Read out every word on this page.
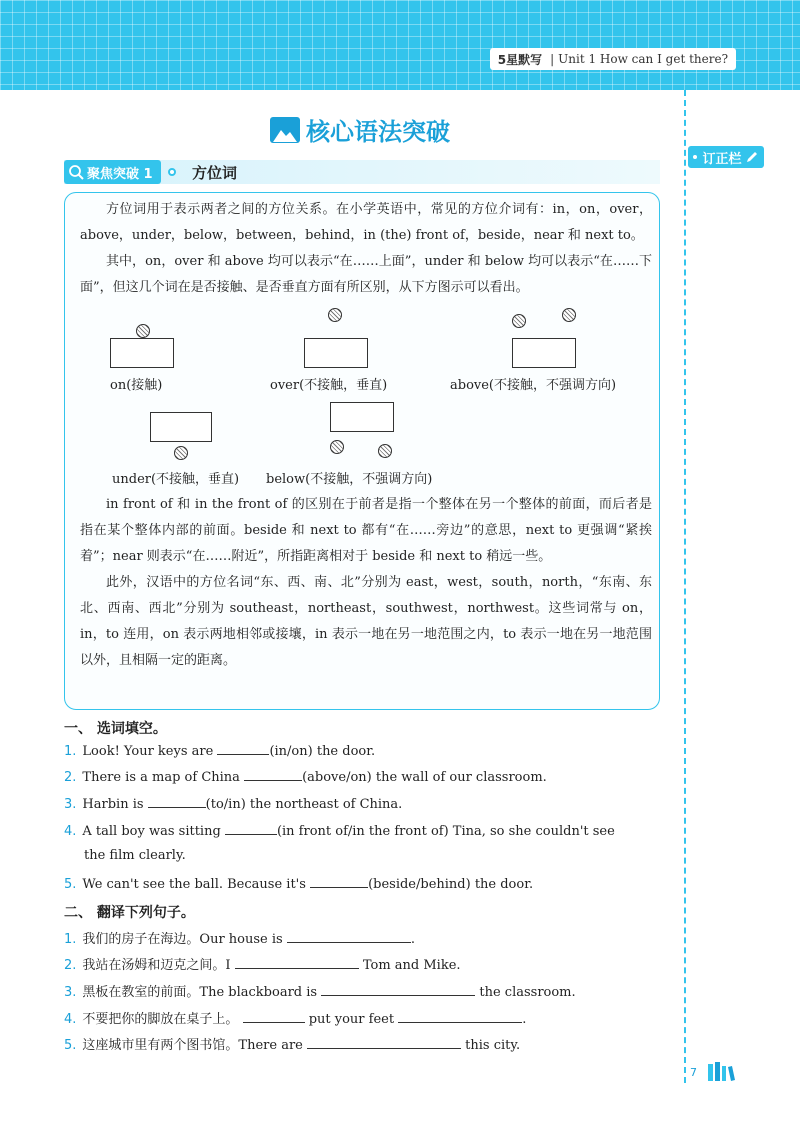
5星默写 | Unit 1 How can I get there?
订正栏
核心语法突破
聚焦突破 1	方位词

方位词用于表示两者之间的方位关系。在小学英语中，常见的方位介词有：in，on，over，above，under，below，between，behind，in (the) front of，beside，near 和 next to。

其中，on，over 和 above 均可以表示“在……上面”，under 和 below 均可以表示“在……下面”，但这几个词在是否接触、是否垂直方面有所区别，从下方图示可以看出。

on(接触)	over(不接触，垂直)	above(不接触，不强调方向)
under(不接触，垂直) below(不接触，不强调方向)

in front of 和 in the front of 的区别在于前者是指一个整体在另一个整体的前面，而后者是指在某个整体内部的前面。beside 和 next to 都有“在……旁边”的意思，next to 更强调“紧挨着”；near 则表示“在……附近”，所指距离相对于 beside 和 next to 稍远一些。

此外，汉语中的方位名词“东、西、南、北”分别为 east，west，south，north，“东南、东北、西南、西北”分别为 southeast，northeast，southwest，northwest。这些词常与 on，in，to 连用，on 表示两地相邻或接壤，in 表示一地在另一地范围之内，to 表示一地在另一地范围以外，且相隔一定的距离。

一、 选词填空。
1. Look! Your keys are	(in/on) the door.
2. There is a map of China	(above/on) the wall of our classroom.
3. Harbin is	(to/in) the northeast of China.
4. A tall boy was sitting	(in front of/in the front of) Tina, so she couldn't see
the film clearly.
5. We can't see the ball. Because it's	(beside/behind) the door.
二、 翻译下列句子。
1. 我们的房子在海边。Our house is	.
2. 我站在汤姆和迈克之间。I	Tom and Mike.
3. 黑板在教室的前面。The blackboard is	the classroom.
4. 不要把你的脚放在桌子上。	put your feet	.
5. 这座城市里有两个图书馆。There are	this city.
7
